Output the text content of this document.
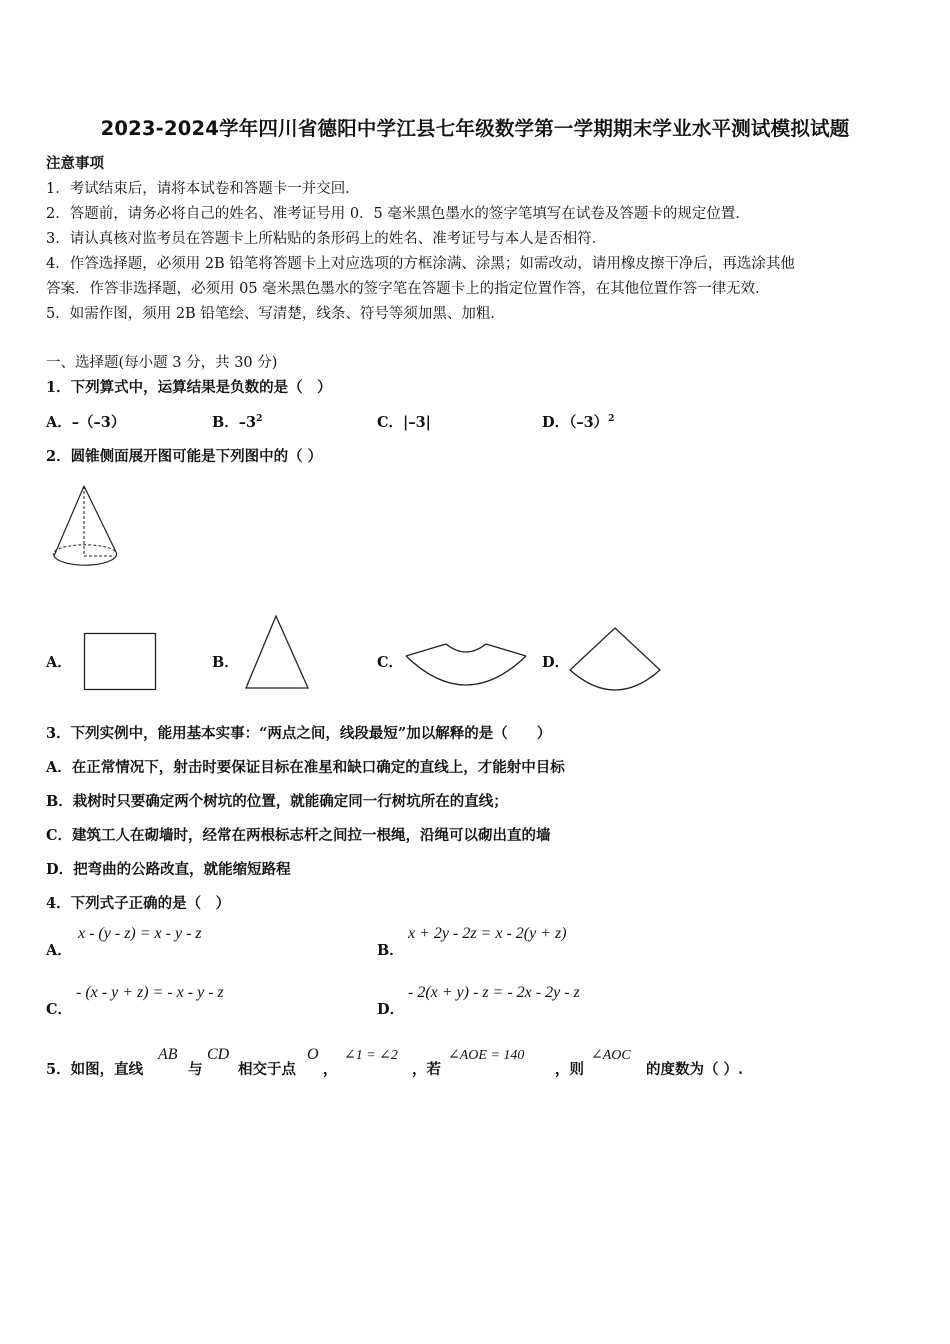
2023-2024学年四川省德阳中学江县七年级数学第一学期期末学业水平测试模拟试题
注意事项
1．考试结束后，请将本试卷和答题卡一并交回．
2．答题前，请务必将自己的姓名、准考证号用 0．5 毫米黑色墨水的签字笔填写在试卷及答题卡的规定位置．
3．请认真核对监考员在答题卡上所粘贴的条形码上的姓名、准考证号与本人是否相符．
4．作答选择题，必须用 2B 铅笔将答题卡上对应选项的方框涂满、涂黑；如需改动，请用橡皮擦干净后，再选涂其他
答案．作答非选择题，必须用 05 毫米黑色墨水的签字笔在答题卡上的指定位置作答，在其他位置作答一律无效．
5．如需作图，须用 2B 铅笔绘、写清楚，线条、符号等须加黑、加粗．
一、选择题(每小题 3 分，共 30 分)
1．下列算式中，运算结果是负数的是（　）
A．–（–3）	B．$-3^2$	C．|–3|	D．$(-3)^2$
2．圆锥侧面展开图可能是下列图中的（ ）
A．	B．	C．	D．
3．下列实例中，能用基本实事：“两点之间，线段最短”加以解释的是（　　）
A．在正常情况下，射击时要保证目标在准星和缺口确定的直线上，才能射中目标
B．栽树时只要确定两个树坑的位置，就能确定同一行树坑所在的直线；
C．建筑工人在砌墙时，经常在两根标志杆之间拉一根绳，沿绳可以砌出直的墙
D．把弯曲的公路改直，就能缩短路程
4．下列式子正确的是（　）
A．
x - (y - z) = x - y - z
B．
x + 2y - 2z = x - 2(y + z)
C．
- (x - y + z) = - x - y - z
D．
- 2(x + y) - z = - 2x - 2y - z
5．如图，直线
AB
与
CD
相交于点
O
，
∠1 = ∠2
，若
∠AOE = 140
，则
∠AOC
的度数为（ ）.
